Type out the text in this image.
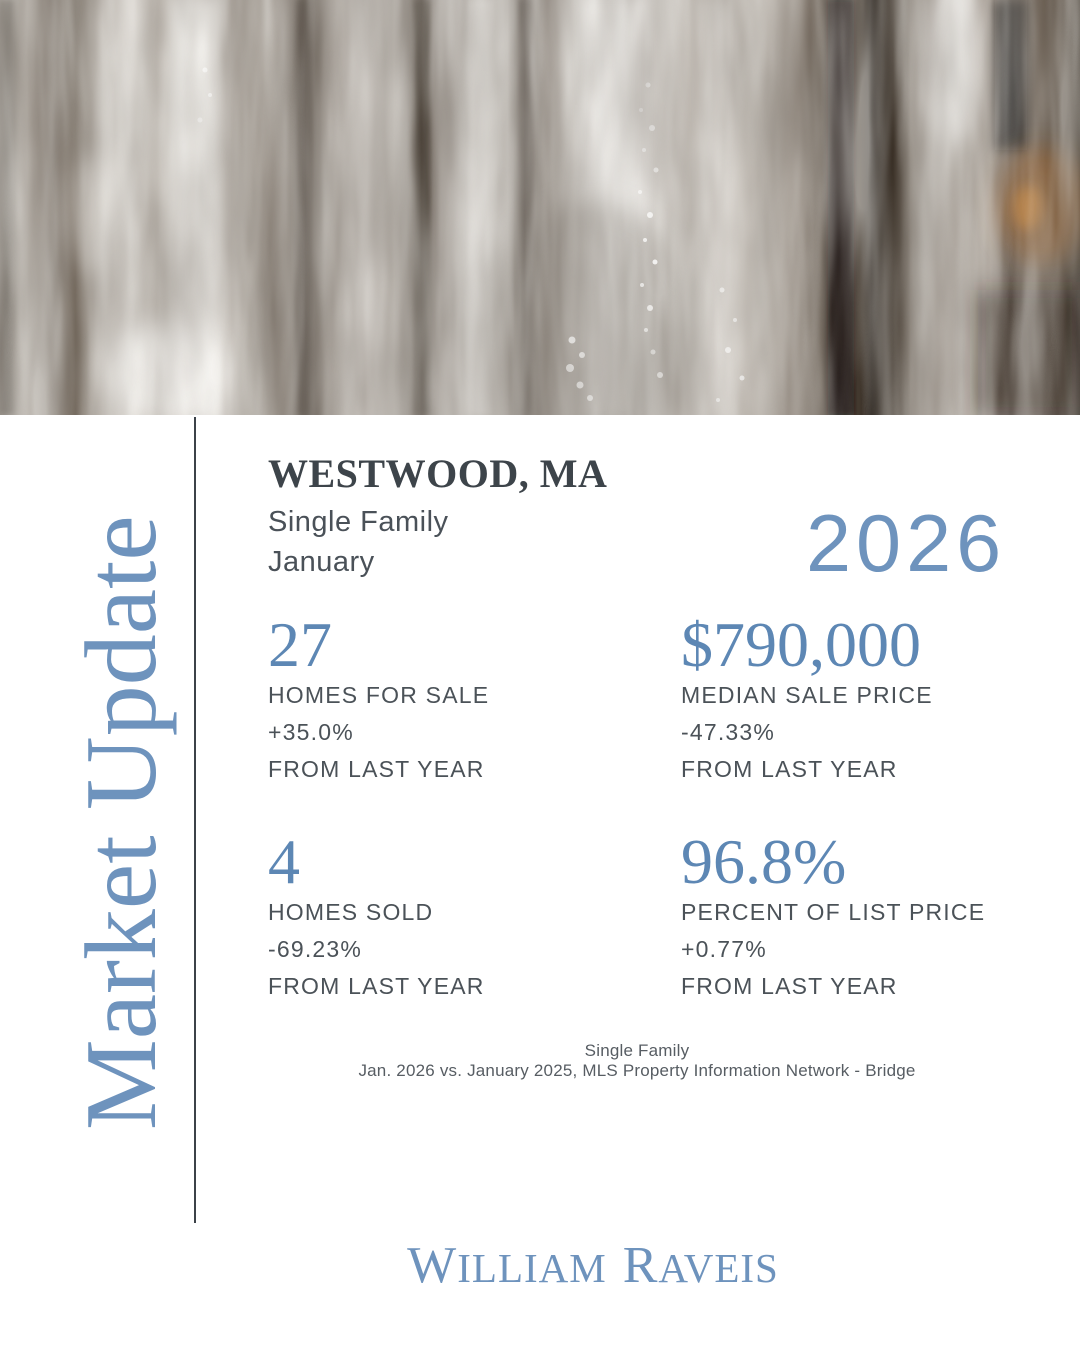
Market Update
WESTWOOD, MA
Single Family
January	2026
27
HOMES FOR SALE
+35.0%
FROM LAST YEAR
$790,000
MEDIAN SALE PRICE
-47.33%
FROM LAST YEAR
4
HOMES SOLD
-69.23%
FROM LAST YEAR
96.8%
PERCENT OF LIST PRICE
+0.77%
FROM LAST YEAR
Single Family
Jan. 2026 vs. January 2025, MLS Property Information Network - Bridge
WILLIAM RAVEIS
